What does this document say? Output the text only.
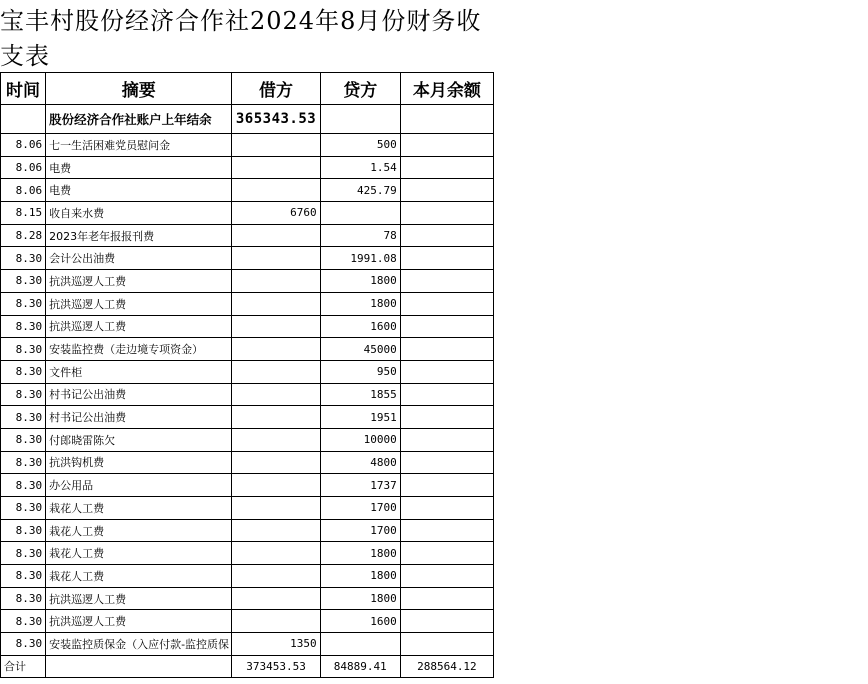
宝丰村股份经济合作社2024年8月份财务收支表
时间	摘要	借方	贷方	本月余额
	股份经济合作社账户上年结余	365343.53		
8.06	七一生活困难党员慰问金		500	
8.06	电费		1.54	
8.06	电费		425.79	
8.15	收自来水费	6760		
8.28	2023年老年报报刊费		78	
8.30	会计公出油费		1991.08	
8.30	抗洪巡逻人工费		1800	
8.30	抗洪巡逻人工费		1800	
8.30	抗洪巡逻人工费		1600	
8.30	安装监控费（走边境专项资金）		45000	
8.30	文件柜		950	
8.30	村书记公出油费		1855	
8.30	村书记公出油费		1951	
8.30	付郎晓雷陈欠		10000	
8.30	抗洪钩机费		4800	
8.30	办公用品		1737	
8.30	栽花人工费		1700	
8.30	栽花人工费		1700	
8.30	栽花人工费		1800	
8.30	栽花人工费		1800	
8.30	抗洪巡逻人工费		1800	
8.30	抗洪巡逻人工费		1600	
8.30	安装监控质保金（入应付款-监控质保	1350		
合计		373453.53	84889.41	288564.12
